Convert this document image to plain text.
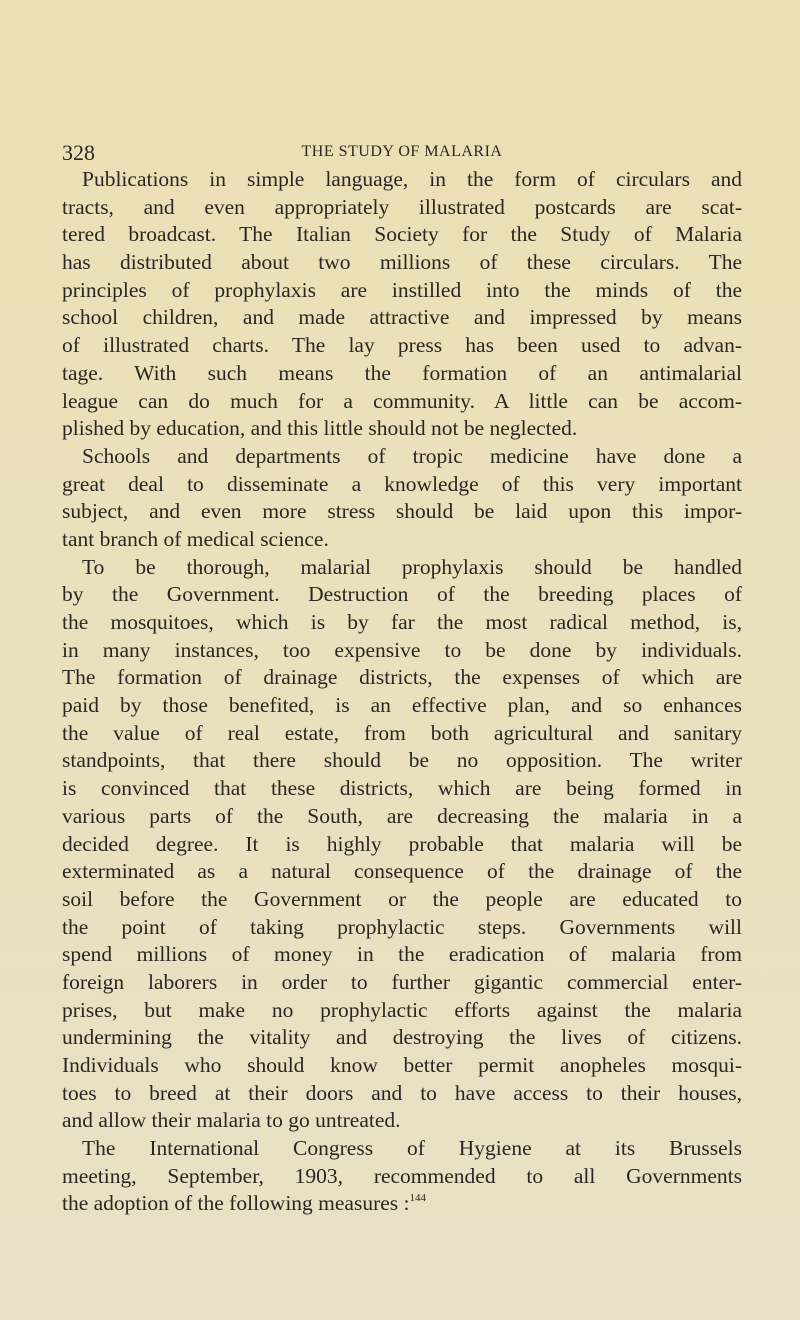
328	THE STUDY OF MALARIA
Publications in simple language, in the form of circulars and
tracts, and even appropriately illustrated postcards are scat-
tered broadcast. The Italian Society for the Study of Malaria
has distributed about two millions of these circulars. The
principles of prophylaxis are instilled into the minds of the
school children, and made attractive and impressed by means
of illustrated charts. The lay press has been used to advan-
tage. With such means the formation of an antimalarial
league can do much for a community. A little can be accom-
plished by education, and this little should not be neglected.
Schools and departments of tropic medicine have done a
great deal to disseminate a knowledge of this very important
subject, and even more stress should be laid upon this impor-
tant branch of medical science.
To be thorough, malarial prophylaxis should be handled
by the Government. Destruction of the breeding places of
the mosquitoes, which is by far the most radical method, is,
in many instances, too expensive to be done by individuals.
The formation of drainage districts, the expenses of which are
paid by those benefited, is an effective plan, and so enhances
the value of real estate, from both agricultural and sanitary
standpoints, that there should be no opposition. The writer
is convinced that these districts, which are being formed in
various parts of the South, are decreasing the malaria in a
decided degree. It is highly probable that malaria will be
exterminated as a natural consequence of the drainage of the
soil before the Government or the people are educated to
the point of taking prophylactic steps. Governments will
spend millions of money in the eradication of malaria from
foreign laborers in order to further gigantic commercial enter-
prises, but make no prophylactic efforts against the malaria
undermining the vitality and destroying the lives of citizens.
Individuals who should know better permit anopheles mosqui-
toes to breed at their doors and to have access to their houses,
and allow their malaria to go untreated.
The International Congress of Hygiene at its Brussels
meeting, September, 1903, recommended to all Governments
the adoption of the following measures :$^{144}$
